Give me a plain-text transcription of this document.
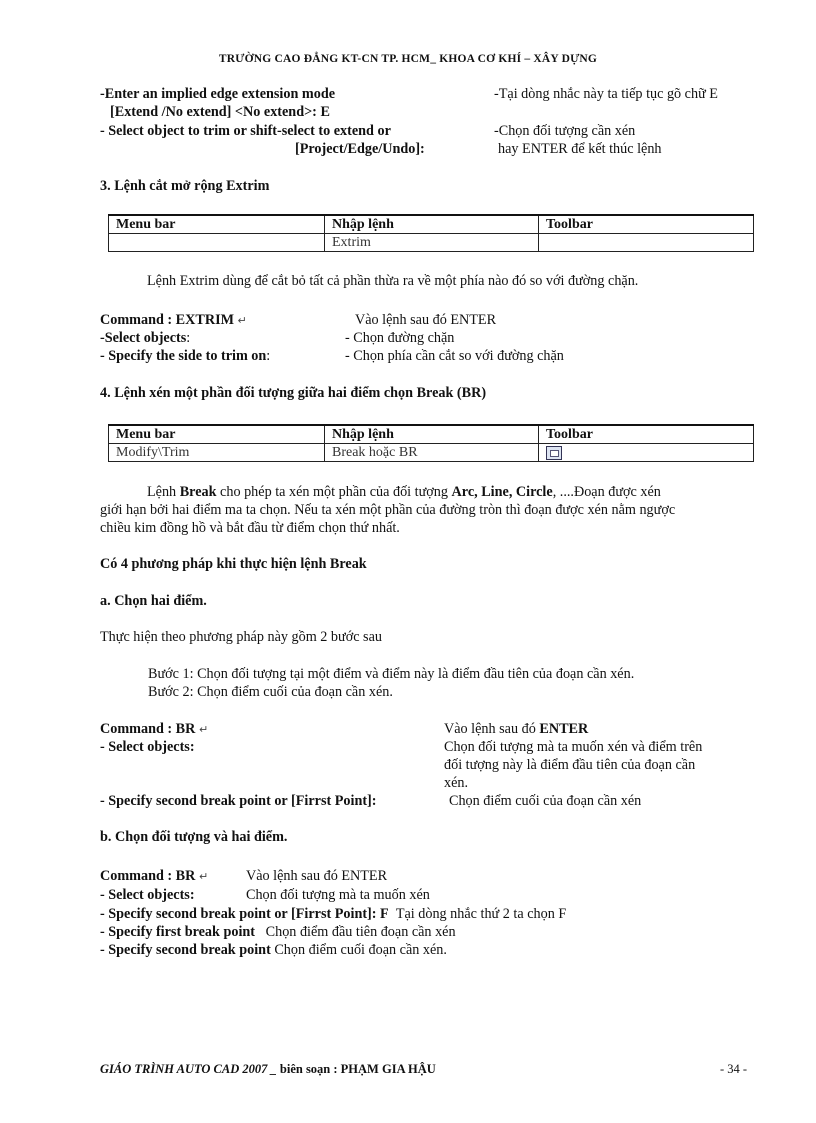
TRƯỜNG CAO ĐẲNG KT-CN TP. HCM_ KHOA CƠ KHÍ – XÂY DỰNG
-Enter an implied edge extension mode	-Tại dòng nhắc này ta tiếp tục gõ chữ E
[Extend /No extend] <No extend>: E
- Select object to trim or shift-select to extend or	-Chọn đối tượng cần xén
[Project/Edge/Undo]:	hay ENTER để kết thúc lệnh
3. Lệnh cắt mở rộng Extrim
Menu bar	Nhập lệnh	Toolbar
	Extrim	
Lệnh Extrim dùng để cắt bỏ tất cả phần thừa ra về một phía nào đó so với đường chặn.
Command : EXTRIM ↵	Vào lệnh sau đó ENTER
-Select objects:	- Chọn đường chặn
- Specify the side to trim on:	- Chọn phía cần cắt so với đường chặn
4. Lệnh xén một phần đối tượng giữa hai điểm chọn Break (BR)
Menu bar	Nhập lệnh	Toolbar
Modify\Trim	Break hoặc BR	
Lệnh Break cho phép ta xén một phần của đối tượng Arc, Line, Circle, ....Đoạn được xén
giới hạn bởi hai điểm ma ta chọn. Nếu ta xén một phần của đường tròn thì đoạn được xén nằm ngược
chiều kim đồng hồ và bắt đầu từ điểm chọn thứ nhất.
Có 4 phương pháp khi thực hiện lệnh Break
a. Chọn hai điểm.
Thực hiện theo phương pháp này gồm 2 bước sau
Bước 1: Chọn đối tượng tại một điểm và điểm này là điểm đầu tiên của đoạn cần xén.
Bước 2: Chọn điểm cuối của đoạn cần xén.
Command : BR ↵	Vào lệnh sau đó ENTER
- Select objects:	Chọn đối tượng mà ta muốn xén và điểm trên
đối tượng này là điểm đầu tiên của đoạn cần
xén.
- Specify second break point or [Firrst Point]:	Chọn điểm cuối của đoạn cần xén
b. Chọn đối tượng và hai điểm.
Command : BR ↵	Vào lệnh sau đó ENTER
- Select objects:	Chọn đối tượng mà ta muốn xén
- Specify second break point or [Firrst Point]: F Tại dòng nhắc thứ 2 ta chọn F
- Specify first break point Chọn điểm đầu tiên đoạn cần xén
- Specify second break point Chọn điểm cuối đoạn cần xén.
GIÁO TRÌNH AUTO CAD 2007 _ biên soạn : PHẠM GIA HẬU	- 34 -
